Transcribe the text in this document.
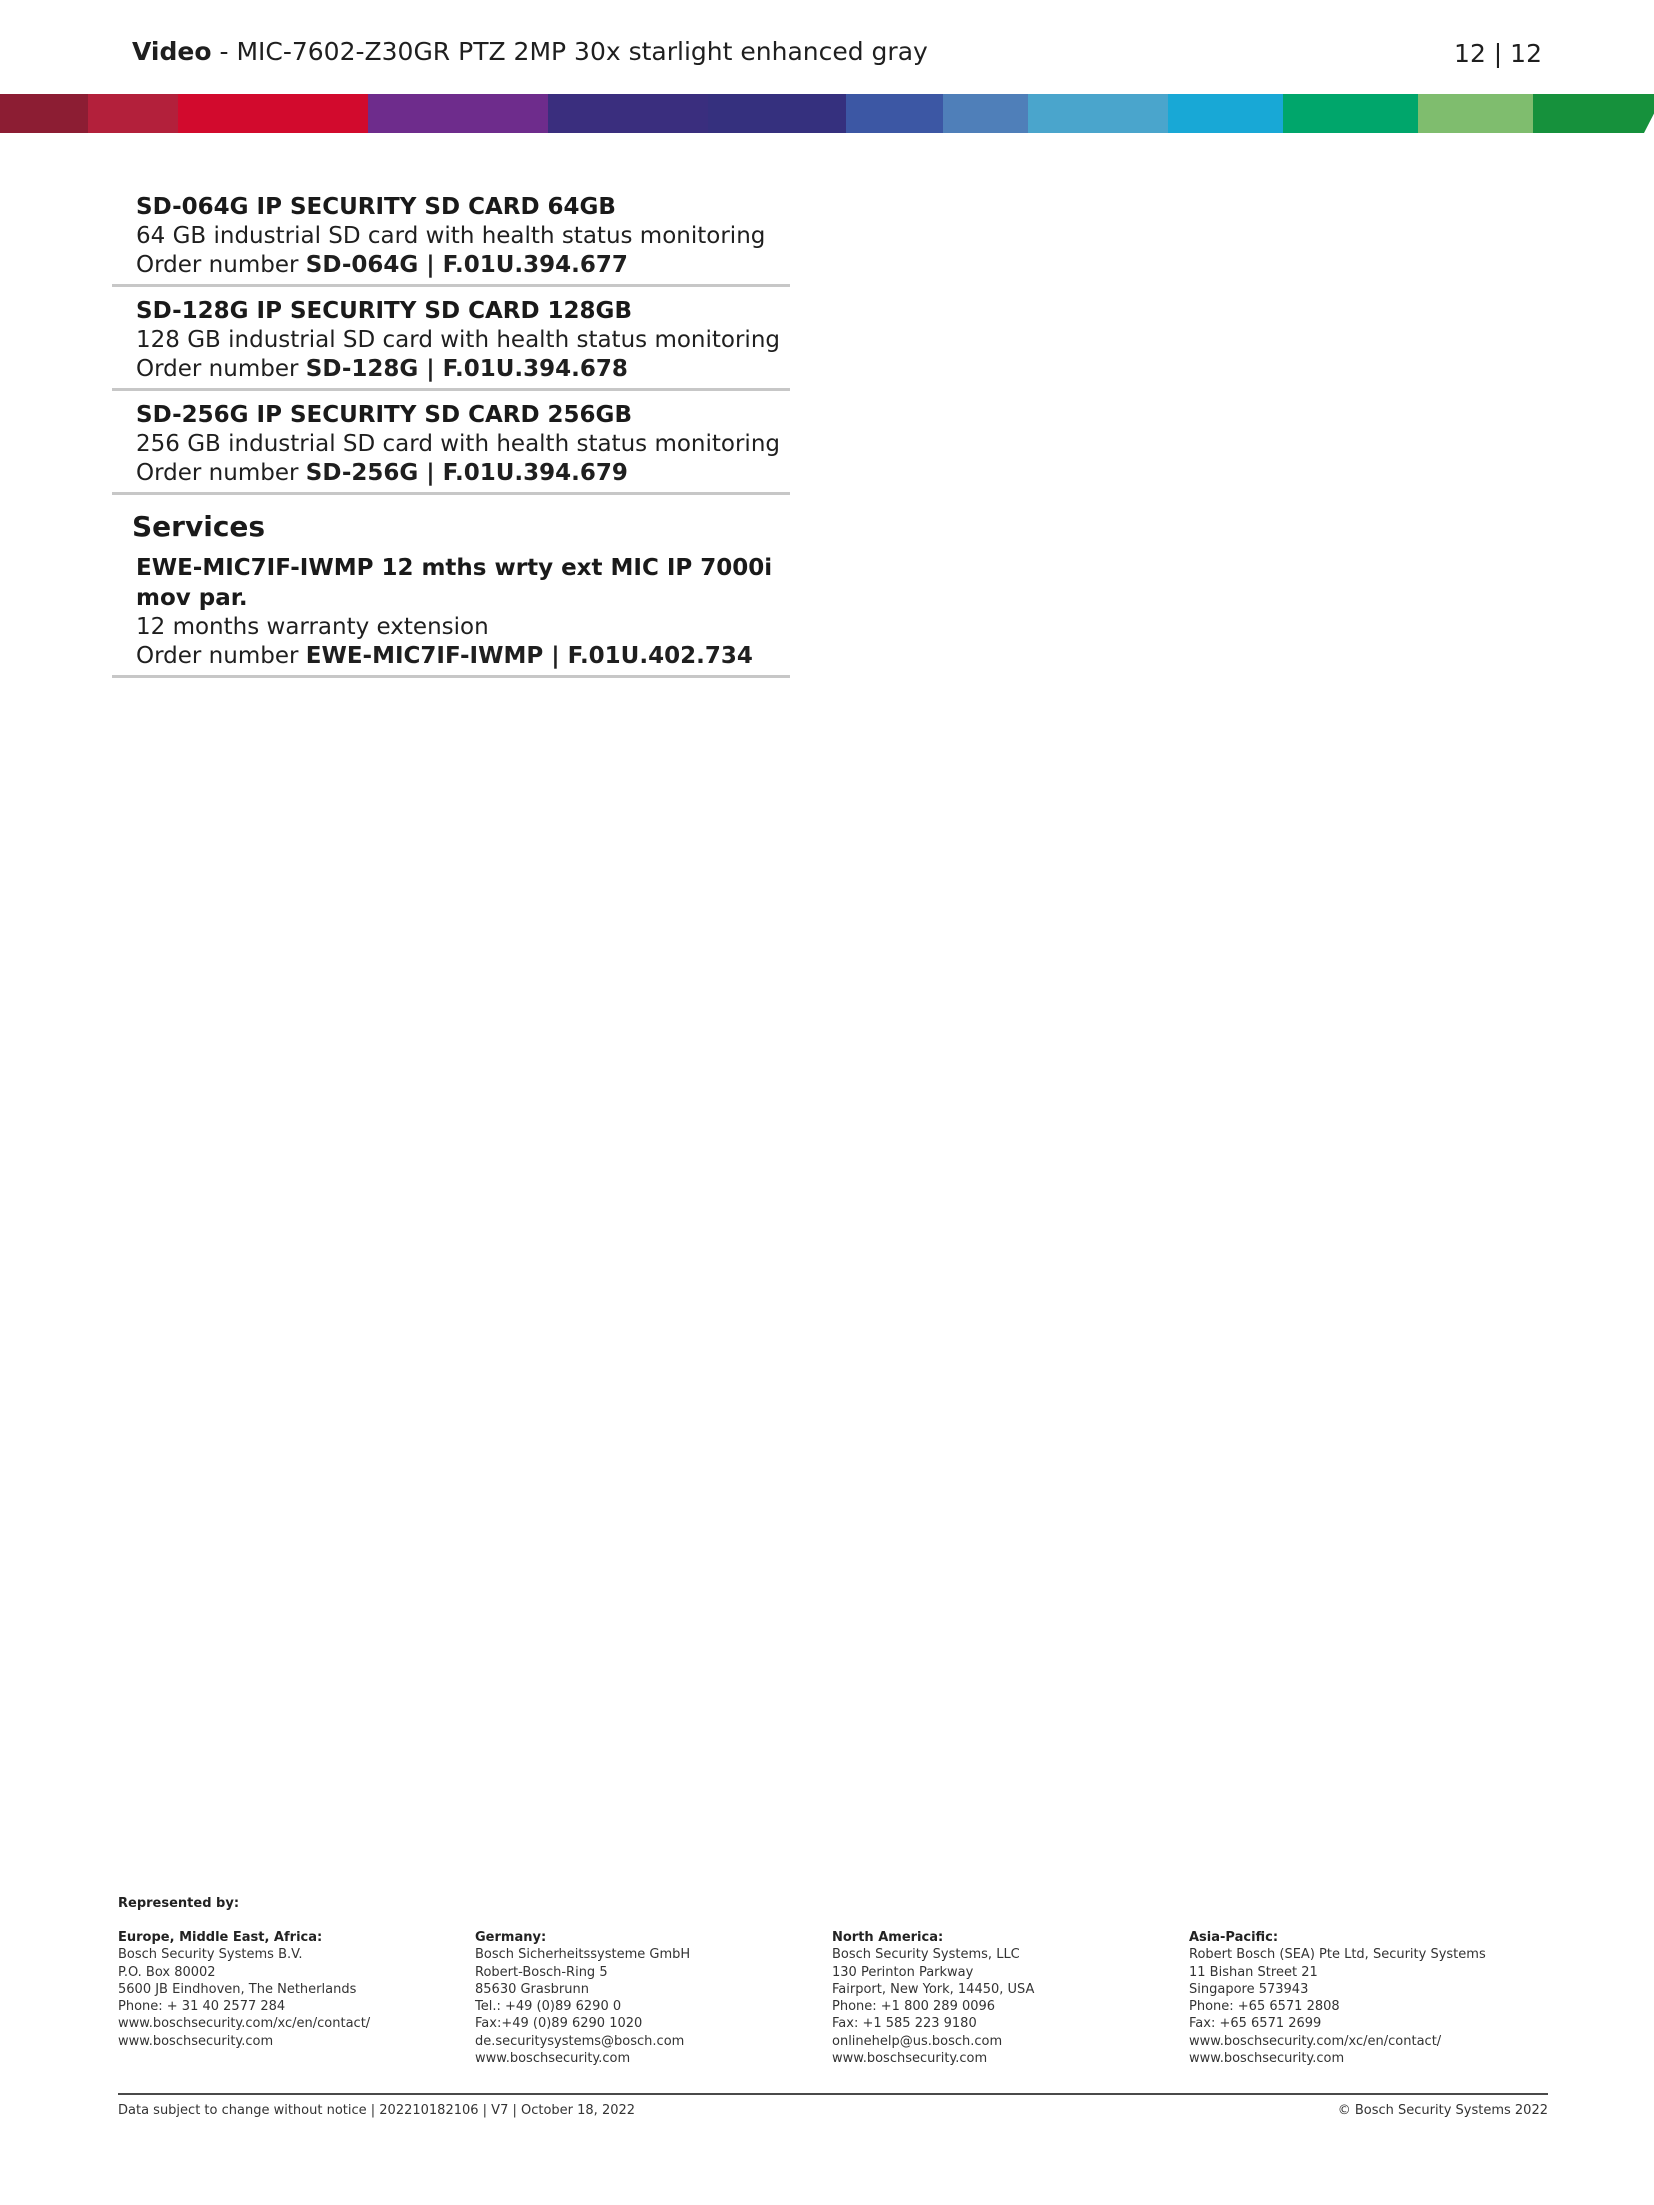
Video - MIC-7602-Z30GR PTZ 2MP 30x starlight enhanced gray	12 | 12
SD-064G IP SECURITY SD CARD 64GB
64 GB industrial SD card with health status monitoring
Order number SD-064G | F.01U.394.677
SD-128G IP SECURITY SD CARD 128GB
128 GB industrial SD card with health status monitoring
Order number SD-128G | F.01U.394.678
SD-256G IP SECURITY SD CARD 256GB
256 GB industrial SD card with health status monitoring
Order number SD-256G | F.01U.394.679
Services
EWE-MIC7IF-IWMP 12 mths wrty ext MIC IP 7000i mov par.
12 months warranty extension
Order number EWE-MIC7IF-IWMP | F.01U.402.734
Represented by:
Europe, Middle East, Africa:
Bosch Security Systems B.V.
P.O. Box 80002
5600 JB Eindhoven, The Netherlands
Phone: + 31 40 2577 284
www.boschsecurity.com/xc/en/contact/
www.boschsecurity.com
Germany:
Bosch Sicherheitssysteme GmbH
Robert-Bosch-Ring 5
85630 Grasbrunn
Tel.: +49 (0)89 6290 0
Fax:+49 (0)89 6290 1020
de.securitysystems@bosch.com
www.boschsecurity.com
North America:
Bosch Security Systems, LLC
130 Perinton Parkway
Fairport, New York, 14450, USA
Phone: +1 800 289 0096
Fax: +1 585 223 9180
onlinehelp@us.bosch.com
www.boschsecurity.com
Asia-Pacific:
Robert Bosch (SEA) Pte Ltd, Security Systems
11 Bishan Street 21
Singapore 573943
Phone: +65 6571 2808
Fax: +65 6571 2699
www.boschsecurity.com/xc/en/contact/
www.boschsecurity.com
Data subject to change without notice | 202210182106 | V7 | October 18, 2022	© Bosch Security Systems 2022
